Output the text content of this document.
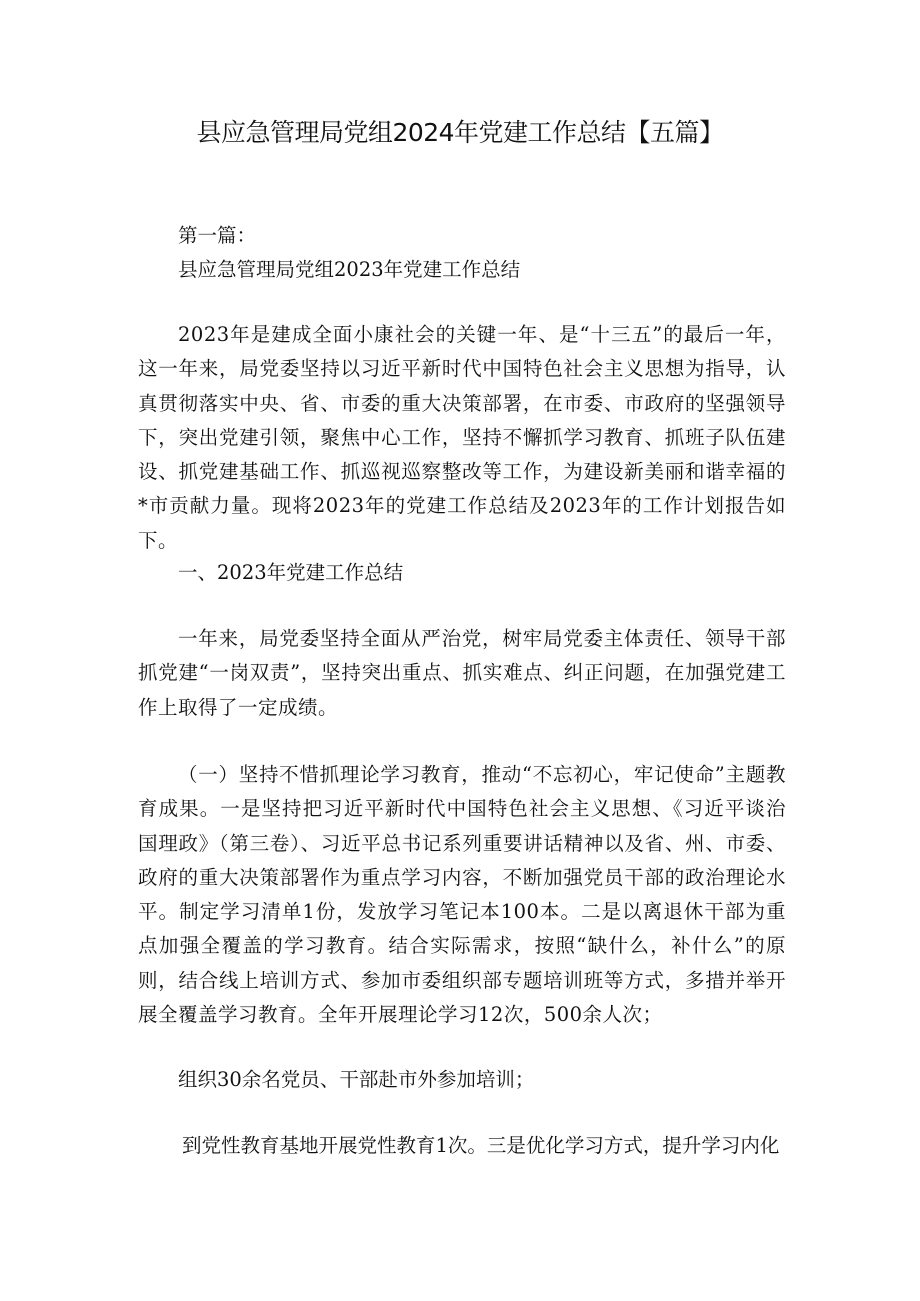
县应急管理局党组2024年党建工作总结【五篇】
第一篇：
县应急管理局党组2023年党建工作总结

2023年是建成全面小康社会的关键一年、是“十三五”的最后一年，这一年来，局党委坚持以习近平新时代中国特色社会主义思想为指导，认真贯彻落实中央、省、市委的重大决策部署，在市委、市政府的坚强领导下，突出党建引领，聚焦中心工作，坚持不懈抓学习教育、抓班子队伍建设、抓党建基础工作、抓巡视巡察整改等工作，为建设新美丽和谐幸福的*市贡献力量。现将2023年的党建工作总结及2023年的工作计划报告如下。

一、2023年党建工作总结

一年来，局党委坚持全面从严治党，树牢局党委主体责任、领导干部抓党建“一岗双责”，坚持突出重点、抓实难点、纠正问题，在加强党建工作上取得了一定成绩。

（一）坚持不惜抓理论学习教育，推动“不忘初心，牢记使命”主题教育成果。一是坚持把习近平新时代中国特色社会主义思想、《习近平谈治国理政》（第三卷）、习近平总书记系列重要讲话精神以及省、州、市委、政府的重大决策部署作为重点学习内容，不断加强党员干部的政治理论水平。制定学习清单1份，发放学习笔记本100本。二是以离退休干部为重点加强全覆盖的学习教育。结合实际需求，按照“缺什么，补什么”的原则，结合线上培训方式、参加市委组织部专题培训班等方式，多措并举开展全覆盖学习教育。全年开展理论学习12次，500余人次；

组织30余名党员、干部赴市外参加培训；
到党性教育基地开展党性教育1次。三是优化学习方式，提升学习内化
